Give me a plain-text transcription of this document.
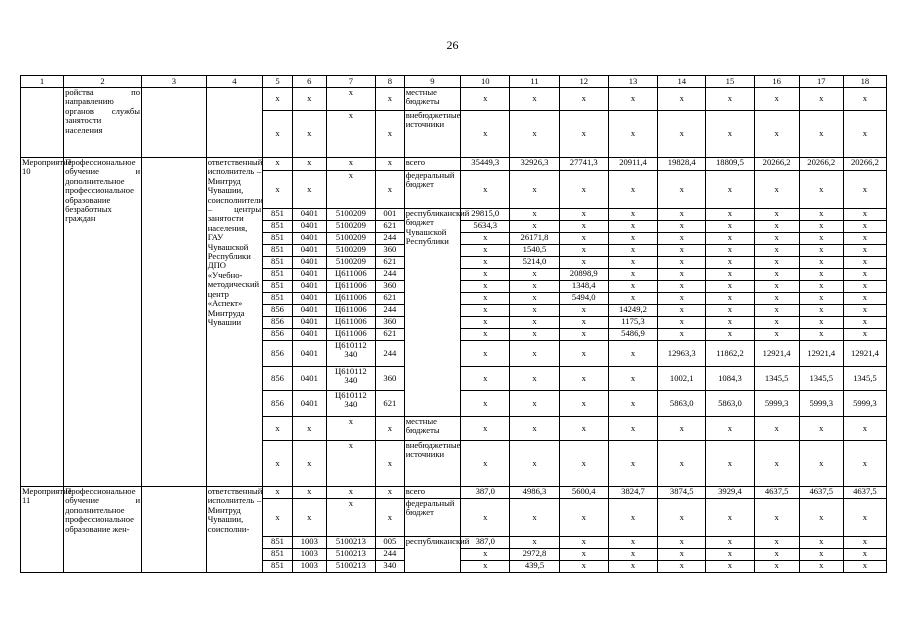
26
1	2	3	4	5	6	7	8	9	10	11	12	13	14	15	16	17	18
	ройства по направлению органов службы занятости населения			x	x	x	x	местные бюджеты	x	x	x	x	x	x	x	x	x
				x	x	x	x	внебюджетные источники	x	x	x	x	x	x	x	x	x
Мероприятие 10	Профессиональное обучение и дополнительное профессиональное образование безработных граждан		ответственный исполнитель – Минтруд Чувашии, соисполнители – центры занятости населения, ГАУ Чувашской Республики ДПО «Учебно-методический центр «Аспект» Минтруда Чувашии	x	x	x	x	всего	35449,3	32926,3	27741,3	20911,4	19828,4	18809,5	20266,2	20266,2	20266,2
				x	x	x	x	федеральный бюджет	x	x	x	x	x	x	x	x	x
				851	0401	5100209	001	республиканский бюджет Чувашской Республики	29815,0	x	x	x	x	x	x	x	x
				851	0401	5100209	621		5634,3	x	x	x	x	x	x	x	x
				851	0401	5100209	244		x	26171,8	x	x	x	x	x	x	x
				851	0401	5100209	360		x	1540,5	x	x	x	x	x	x	x
				851	0401	5100209	621		x	5214,0	x	x	x	x	x	x	x
				851	0401	Ц611006	244		x	x	20898,9	x	x	x	x	x	x
				851	0401	Ц611006	360		x	x	1348,4	x	x	x	x	x	x
				851	0401	Ц611006	621		x	x	5494,0	x	x	x	x	x	x
				856	0401	Ц611006	244		x	x	x	14249,2	x	x	x	x	x
				856	0401	Ц611006	360		x	x	x	1175,3	x	x	x	x	x
				856	0401	Ц611006	621		x	x	x	5486,9	x	x	x	x	x
				856	0401	Ц610112 340	244		x	x	x	x	12963,3	11862,2	12921,4	12921,4	12921,4
				856	0401	Ц610112 340	360		x	x	x	x	1002,1	1084,3	1345,5	1345,5	1345,5
				856	0401	Ц610112 340	621		x	x	x	x	5863,0	5863,0	5999,3	5999,3	5999,3
				x	x	x	x	местные бюджеты	x	x	x	x	x	x	x	x	x
				x	x	x	x	внебюджетные источники	x	x	x	x	x	x	x	x	x
Мероприятие 11	Профессиональное обучение и дополнительное профессиональное образование жен-		ответственный исполнитель – Минтруд Чувашии, соисполни-	x	x	x	x	всего	387,0	4986,3	5600,4	3824,7	3874,5	3929,4	4637,5	4637,5	4637,5
				x	x	x	x	федеральный бюджет	x	x	x	x	x	x	x	x	x
				851	1003	5100213	005	республиканский	387,0	x	x	x	x	x	x	x	x
				851	1003	5100213	244		x	2972,8	x	x	x	x	x	x	x
				851	1003	5100213	340		x	439,5	x	x	x	x	x	x	x
